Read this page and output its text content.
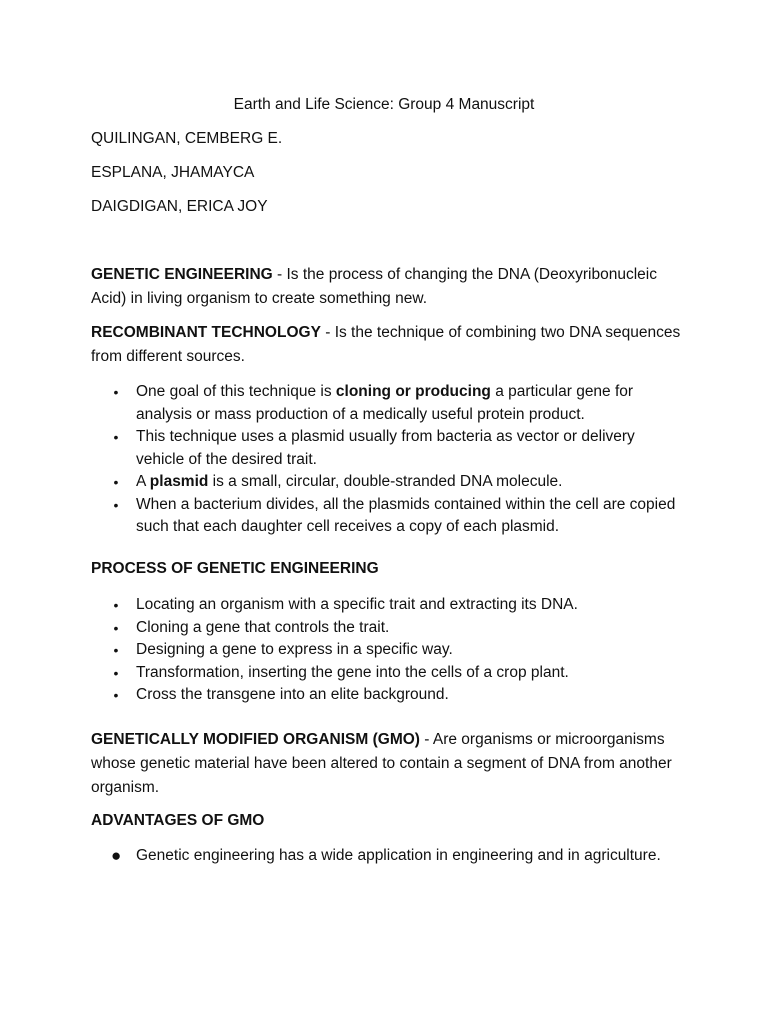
Earth and Life Science: Group 4 Manuscript
QUILINGAN, CEMBERG E.
ESPLANA, JHAMAYCA
DAIGDIGAN, ERICA JOY
GENETIC ENGINEERING - Is the process of changing the DNA (Deoxyribonucleic Acid) in living organism to create something new.
RECOMBINANT TECHNOLOGY - Is the technique of combining two DNA sequences from different sources.
• One goal of this technique is cloning or producing a particular gene for analysis or mass production of a medically useful protein product.
• This technique uses a plasmid usually from bacteria as vector or delivery vehicle of the desired trait.
• A plasmid is a small, circular, double-stranded DNA molecule.
• When a bacterium divides, all the plasmids contained within the cell are copied such that each daughter cell receives a copy of each plasmid.
PROCESS OF GENETIC ENGINEERING
• Locating an organism with a specific trait and extracting its DNA.
• Cloning a gene that controls the trait.
• Designing a gene to express in a specific way.
• Transformation, inserting the gene into the cells of a crop plant.
• Cross the transgene into an elite background.
GENETICALLY MODIFIED ORGANISM (GMO) - Are organisms or microorganisms whose genetic material have been altered to contain a segment of DNA from another organism.
ADVANTAGES OF GMO
● Genetic engineering has a wide application in engineering and in agriculture.
